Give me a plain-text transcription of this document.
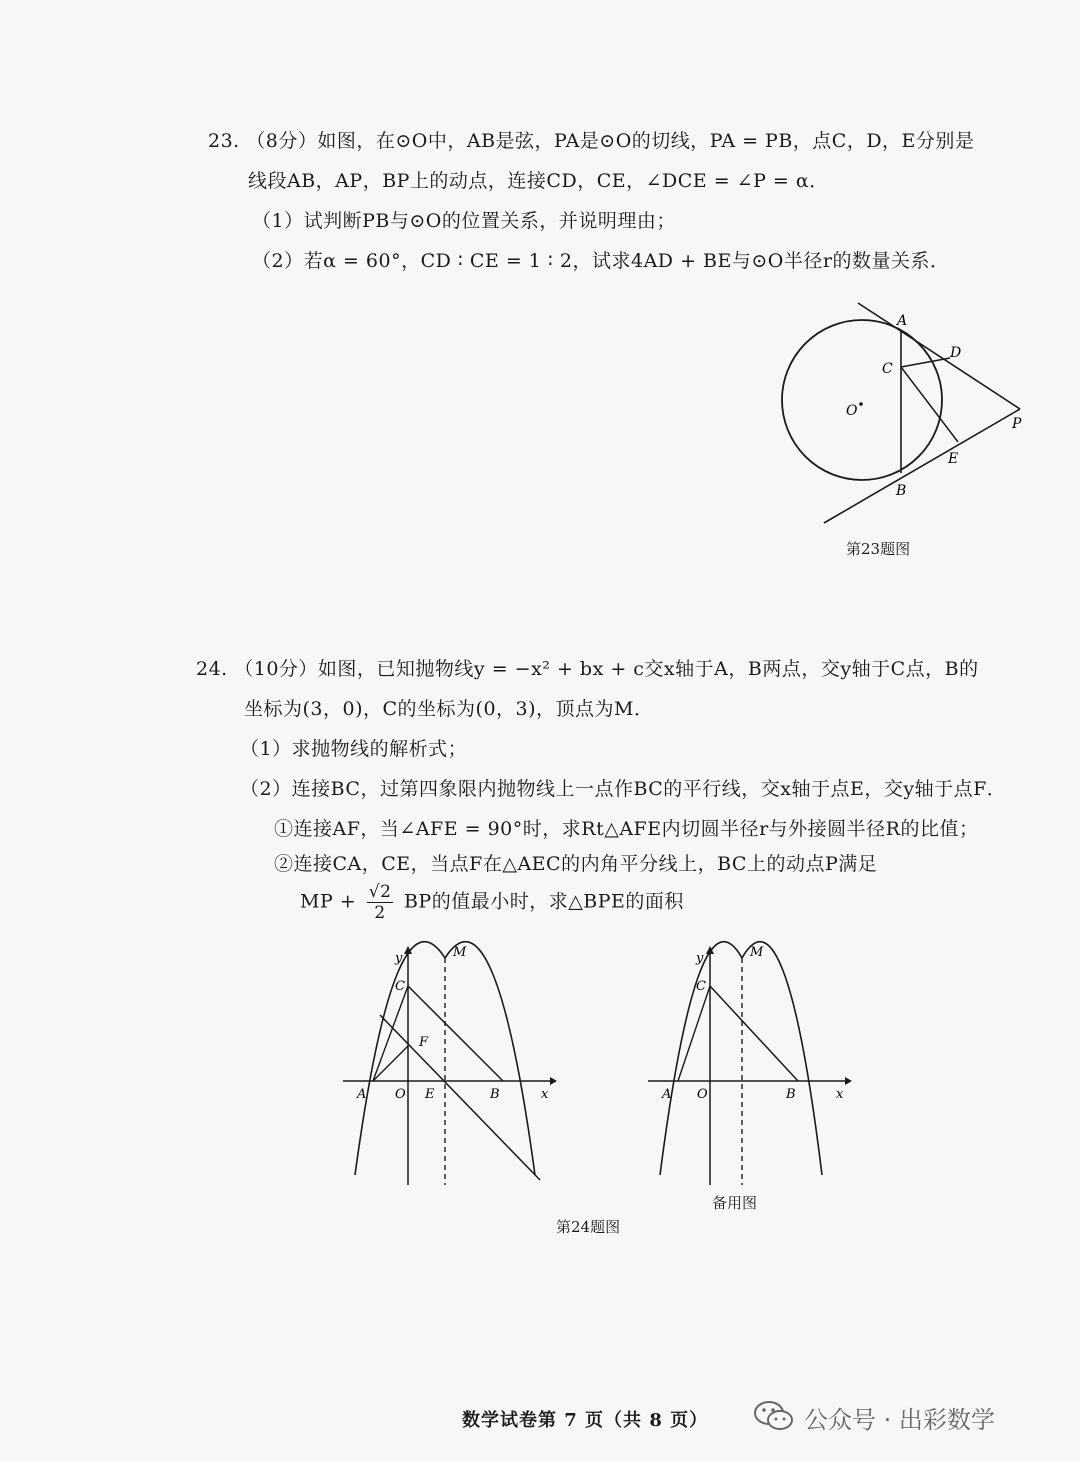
23. （8分）如图，在⊙O中，AB是弦，PA是⊙O的切线，PA = PB，点C，D，E分别是
线段AB，AP，BP上的动点，连接CD，CE，∠DCE = ∠P = α．
（1）试判断PB与⊙O的位置关系，并说明理由；
（2）若α = 60°，CD ∶ CE = 1 ∶ 2，试求4AD + BE与⊙O半径r的数量关系．
A
D
C
O
P
E
B
第23题图
24. （10分）如图，已知抛物线y = −x² + bx + c交x轴于A，B两点，交y轴于C点，B的
坐标为(3，0)，C的坐标为(0，3)，顶点为M．
（1）求抛物线的解析式；
（2）连接BC，过第四象限内抛物线上一点作BC的平行线，交x轴于点E，交y轴于点F．
①连接AF，当∠AFE = 90°时，求Rt△AFE内切圆半径r与外接圆半径R的比值；
②连接CA，CE，当点F在△AEC的内角平分线上，BC上的动点P满足
MP + $\frac{√2}{2}$ BP的值最小时，求△BPE的面积
y	M
C
F
A O E	B	x
y	M
C
A O	B	x
备用图
第24题图
数学试卷第 7 页（共 8 页）	公众号 · 出彩数学
